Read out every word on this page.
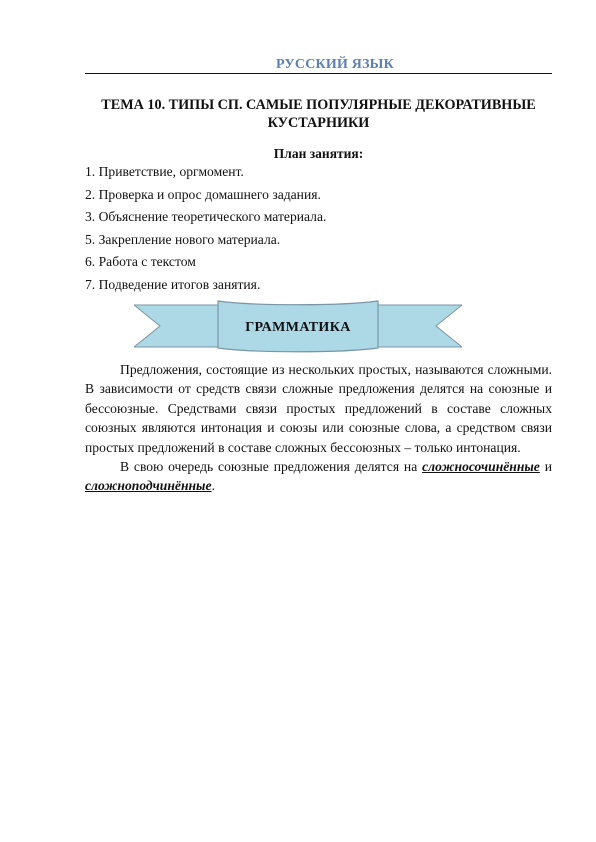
РУССКИЙ ЯЗЫК
ТЕМА 10. ТИПЫ СП. САМЫЕ ПОПУЛЯРНЫЕ ДЕКОРАТИВНЫЕ
КУСТАРНИКИ
План занятия:
1. Приветствие, оргмомент.
2. Проверка и опрос домашнего задания.
3. Объяснение теоретического материала.
5. Закрепление нового материала.
6. Работа с текстом
7. Подведение итогов занятия.
ГРАММАТИКА

Предложения, состоящие из нескольких простых, называются сложными. В зависимости от средств связи сложные предложения делятся на союзные и бессоюзные. Средствами связи простых предложений в составе сложных союзных являются интонация и союзы или союзные слова, а средством связи простых предложений в составе сложных бессоюзных – только интонация.

В свою очередь союзные предложения делятся на сложносочинённые и сложноподчинённые.
